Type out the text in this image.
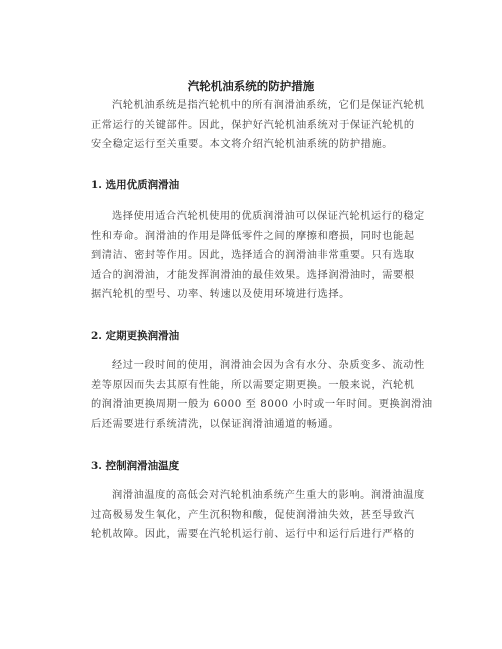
汽轮机油系统的防护措施

汽轮机油系统是指汽轮机中的所有润滑油系统，它们是保证汽轮机
正常运行的关键部件。因此，保护好汽轮机油系统对于保证汽轮机的
安全稳定运行至关重要。本文将介绍汽轮机油系统的防护措施。

1. 选用优质润滑油

选择使用适合汽轮机使用的优质润滑油可以保证汽轮机运行的稳定
性和寿命。润滑油的作用是降低零件之间的摩擦和磨损，同时也能起
到清洁、密封等作用。因此，选择适合的润滑油非常重要。只有选取
适合的润滑油，才能发挥润滑油的最佳效果。选择润滑油时，需要根
据汽轮机的型号、功率、转速以及使用环境进行选择。

2. 定期更换润滑油

经过一段时间的使用，润滑油会因为含有水分、杂质变多、流动性
差等原因而失去其原有性能，所以需要定期更换。一般来说，汽轮机
的润滑油更换周期一般为 6000 至 8000 小时或一年时间。更换润滑油
后还需要进行系统清洗，以保证润滑油通道的畅通。

3. 控制润滑油温度

润滑油温度的高低会对汽轮机油系统产生重大的影响。润滑油温度
过高极易发生氧化，产生沉积物和酸，促使润滑油失效，甚至导致汽
轮机故障。因此，需要在汽轮机运行前、运行中和运行后进行严格的
